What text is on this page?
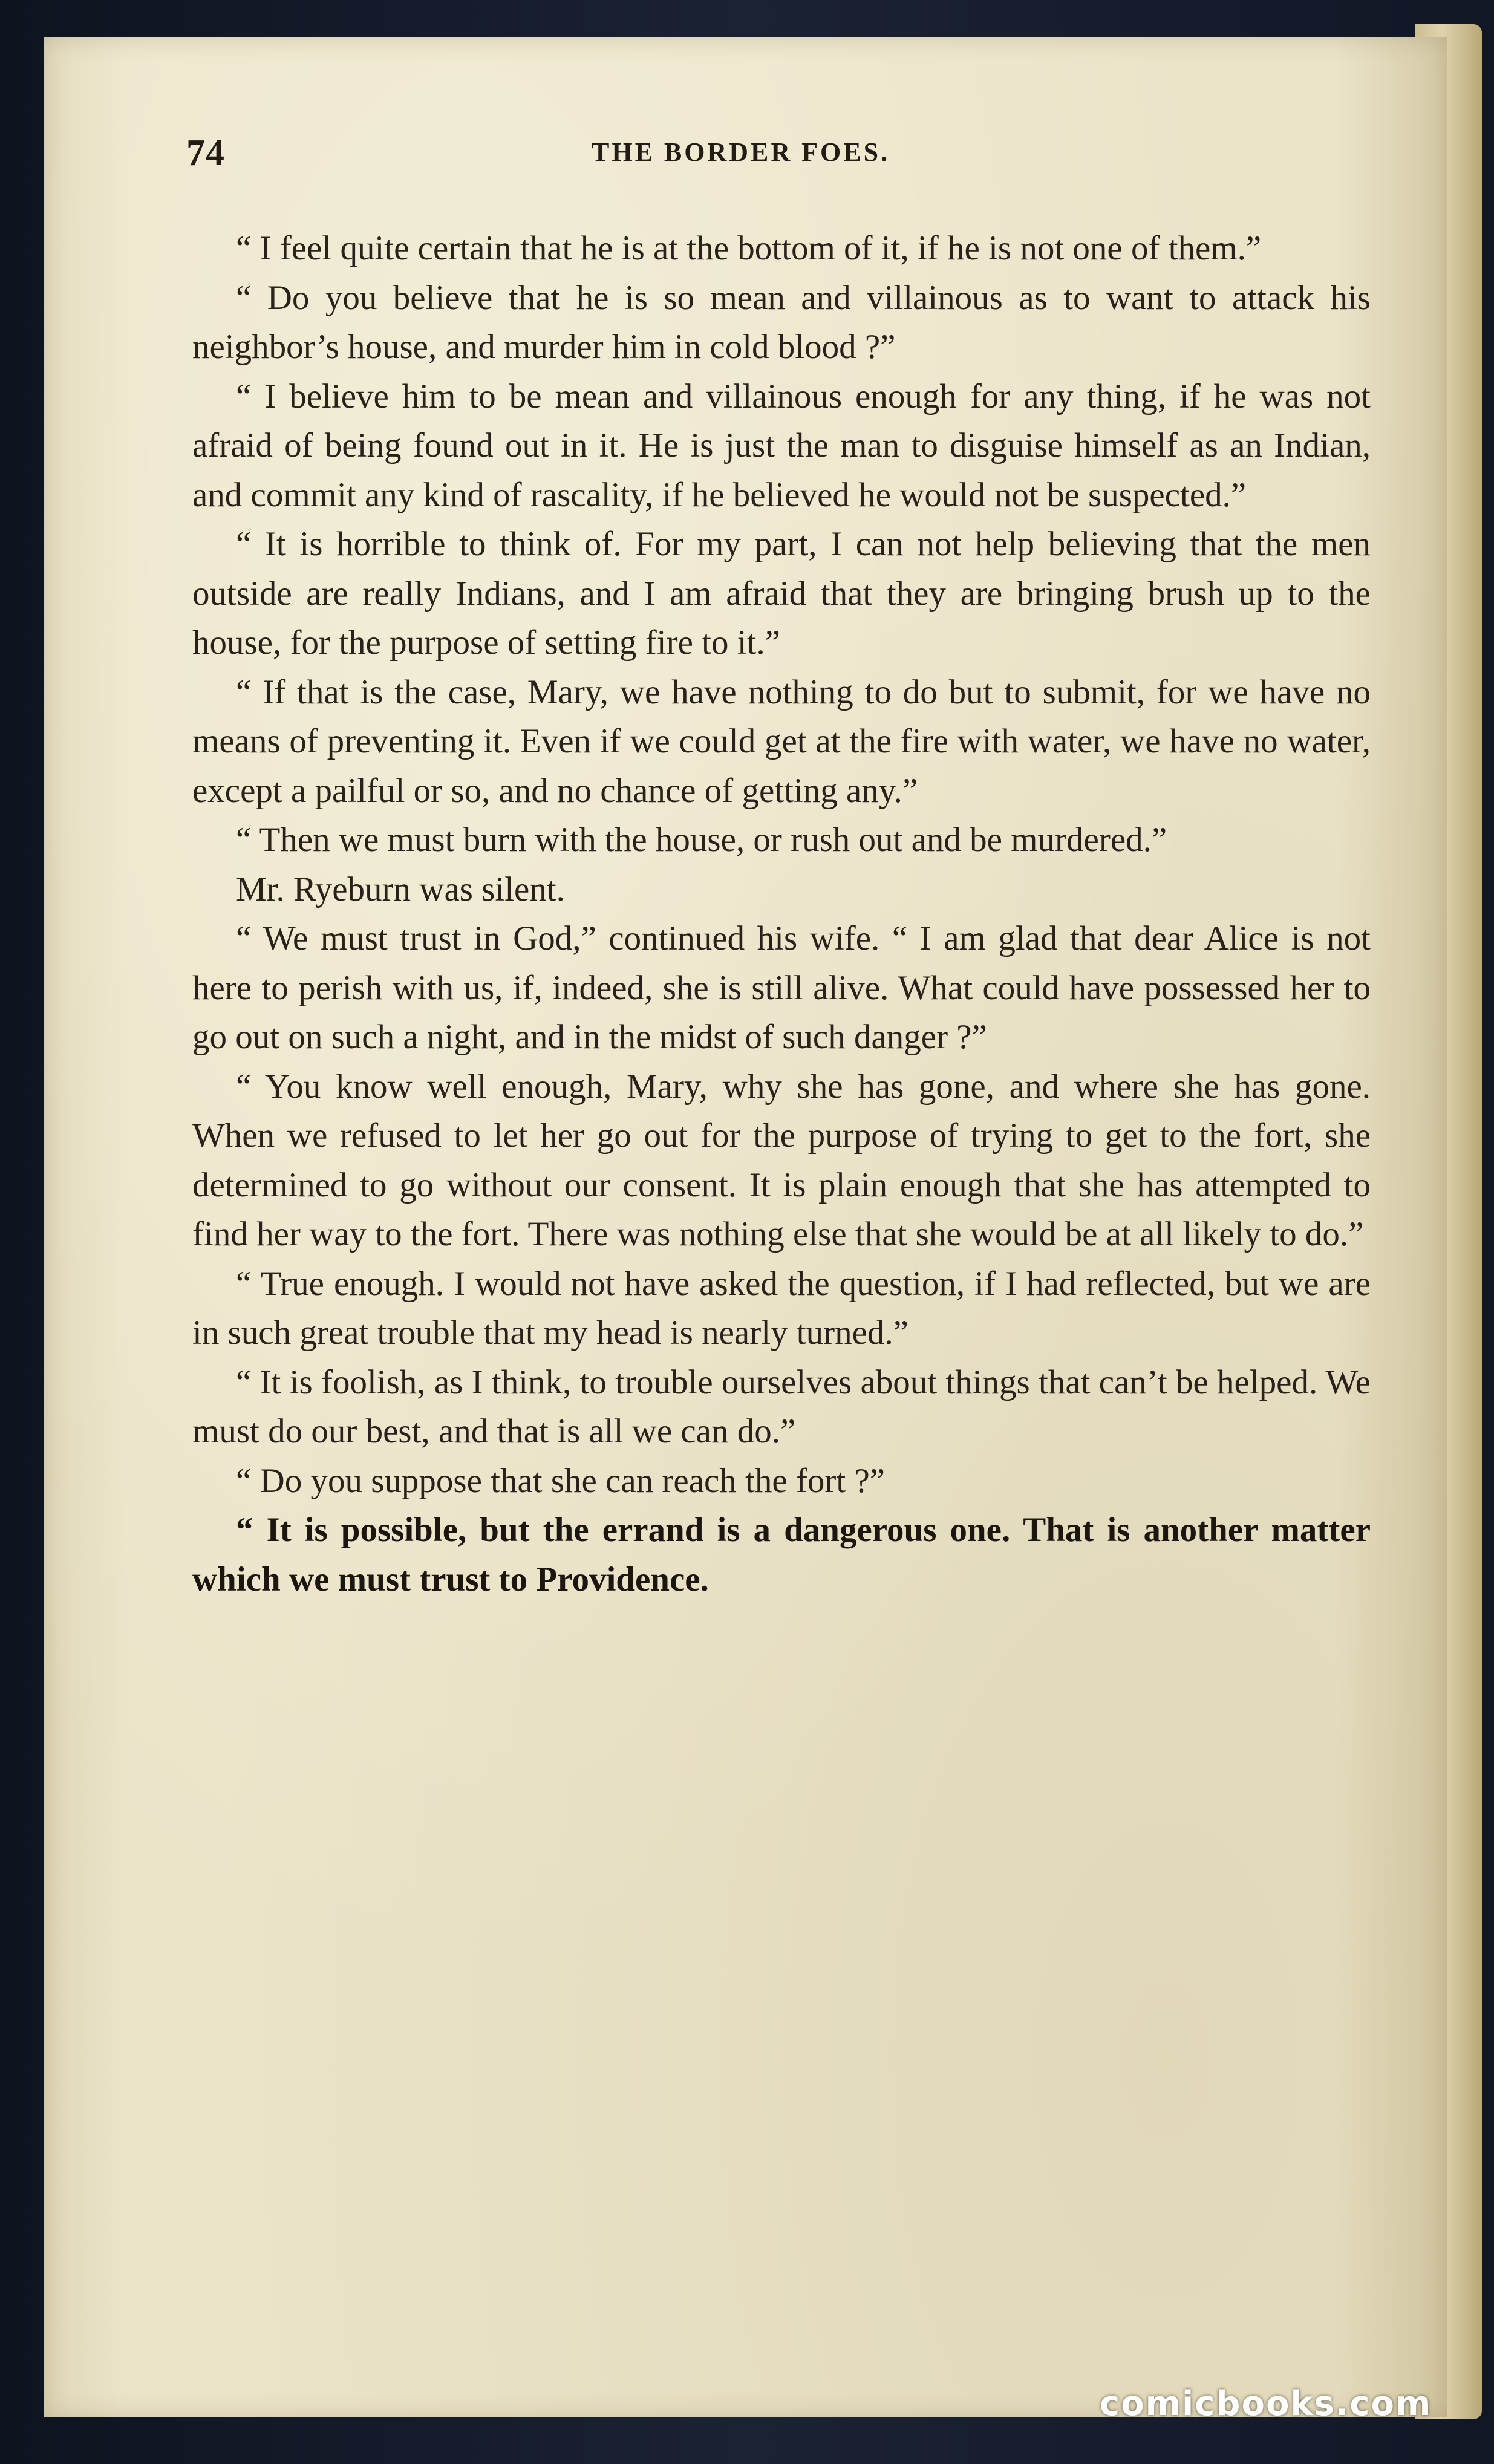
74	THE BORDER FOES.

“ I feel quite certain that he is at the bottom of it, if he is not one of them.”

“ Do you believe that he is so mean and villainous as to want to attack his neighbor’s house, and murder him in cold blood ?”

“ I believe him to be mean and villainous enough for any thing, if he was not afraid of being found out in it. He is just the man to disguise himself as an Indian, and commit any kind of rascality, if he believed he would not be suspected.”

“ It is horrible to think of. For my part, I can not help believing that the men outside are really Indians, and I am afraid that they are bringing brush up to the house, for the purpose of setting fire to it.”

“ If that is the case, Mary, we have nothing to do but to submit, for we have no means of preventing it. Even if we could get at the fire with water, we have no water, except a pailful or so, and no chance of getting any.”

“ Then we must burn with the house, or rush out and be murdered.”

Mr. Ryeburn was silent.

“ We must trust in God,” continued his wife. “ I am glad that dear Alice is not here to perish with us, if, indeed, she is still alive. What could have possessed her to go out on such a night, and in the midst of such danger ?”

“ You know well enough, Mary, why she has gone, and where she has gone. When we refused to let her go out for the purpose of trying to get to the fort, she determined to go without our consent. It is plain enough that she has attempted to find her way to the fort. There was nothing else that she would be at all likely to do.”

“ True enough. I would not have asked the question, if I had reflected, but we are in such great trouble that my head is nearly turned.”

“ It is foolish, as I think, to trouble ourselves about things that can’t be helped. We must do our best, and that is all we can do.”

“ Do you suppose that she can reach the fort ?”

“ It is possible, but the errand is a dangerous one. That is another matter which we must trust to Providence.

comicbooks.com
